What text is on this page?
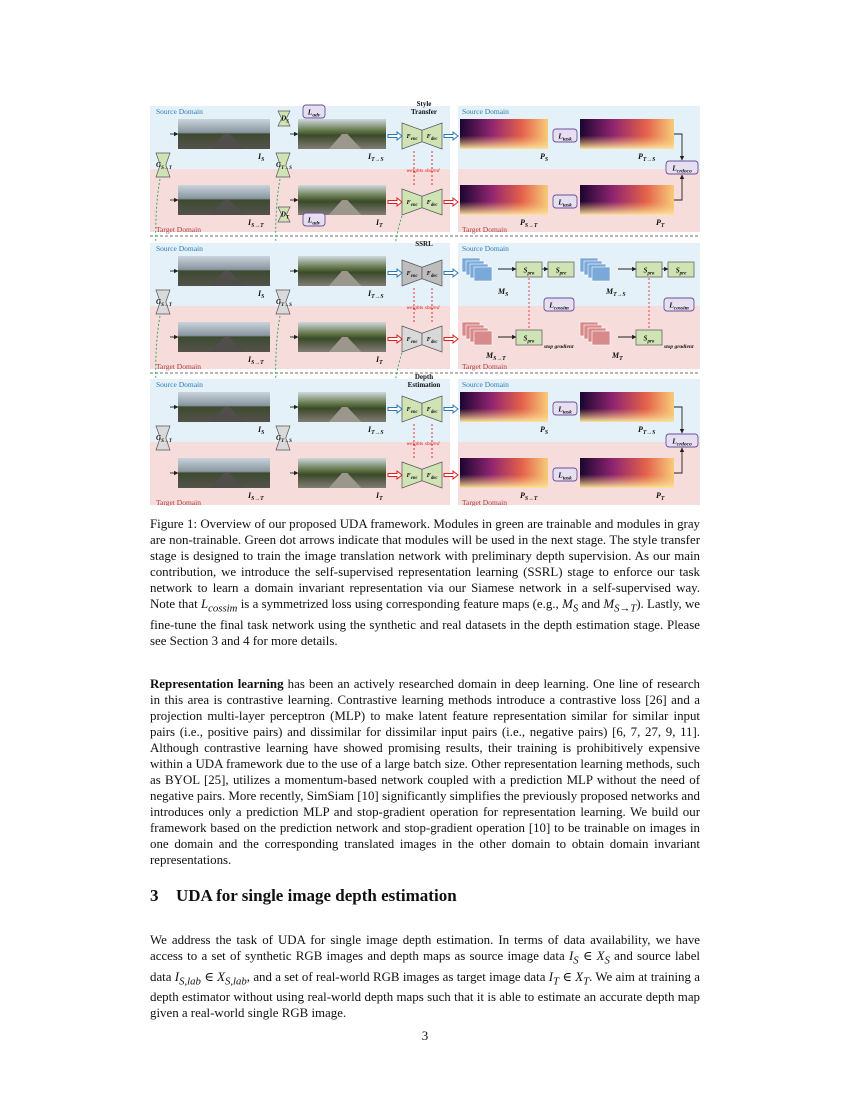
Source Domain
Target Domain
Source Domain
Target Domain
Style
Transfer
$I_S$	$I_{T\to S}$
$I_{S\to T}$	$I_T$
$G_{S\to T}$	$G_{T\to S}$
$D_S$
$D_T$
$L_{adv}$
$L_{adv}$
$F_{enc}$ $F_{dec}$
$F_{enc}$ $F_{dec}$
weights shared
$L_{task}$
$L_{task}$
$L_{crdoco}$
$P_S$	$P_{T\to S}$
$P_{S\to T}$	$P_T$
Source Domain
Target Domain
Source Domain
Target Domain
SSRL
$I_S$	$I_{T\to S}$
$I_{S\to T}$	$I_T$
$G_{S\to T}$	$G_{T\to S}$
$F_{enc}$ $F_{dec}$
$F_{enc}$ $F_{dec}$
weights shared
$S_{pro}$	$S_{pre}$	$S_{pro}$	$S_{pre}$
$S_{pro}$	$S_{pro}$
$L_{cossim}$	$L_{cossim}$
$M_S$	$M_{T\to S}$
$M_{S\to T}$	$M_T$
stop gradient	stop gradient
Source Domain
Target Domain
Source Domain
Target Domain
Depth
Estimation
$I_S$	$I_{T\to S}$
$I_{S\to T}$	$I_T$
$G_{S\to T}$	$G_{T\to S}$
$F_{enc}$ $F_{dec}$
$F_{enc}$ $F_{dec}$
weights shared
$L_{task}$
$L_{task}$
$L_{crdoco}$
$P_S$	$P_{T\to S}$
$P_{S\to T}$	$P_T$

Figure 1: Overview of our proposed UDA framework. Modules in green are trainable and modules in gray are non-trainable. Green dot arrows indicate that modules will be used in the next stage. The style transfer stage is designed to train the image translation network with preliminary depth supervision. As our main contribution, we introduce the self-supervised representation learning (SSRL) stage to enforce our task network to learn a domain invariant representation via our Siamese network in a self-supervised way. Note that $L_{cossim}$ is a symmetrized loss using corresponding feature maps (e.g., $M_S$ and $M_{S\to T}$). Lastly, we fine-tune the final task network using the synthetic and real datasets in the depth estimation stage. Please see Section 3 and 4 for more details.

Representation learning has been an actively researched domain in deep learning. One line of research in this area is contrastive learning. Contrastive learning methods introduce a contrastive loss [26] and a projection multi-layer perceptron (MLP) to make latent feature representation similar for similar input pairs (i.e., positive pairs) and dissimilar for dissimilar input pairs (i.e., negative pairs) [6, 7, 27, 9, 11]. Although contrastive learning have showed promising results, their training is prohibitively expensive within a UDA framework due to the use of a large batch size. Other representation learning methods, such as BYOL [25], utilizes a momentum-based network coupled with a prediction MLP without the need of negative pairs. More recently, SimSiam [10] significantly simplifies the previously proposed networks and introduces only a prediction MLP and stop-gradient operation for representation learning. We build our framework based on the prediction network and stop-gradient operation [10] to be trainable on images in one domain and the corresponding translated images in the other domain to obtain domain invariant representations.

3 UDA for single image depth estimation

We address the task of UDA for single image depth estimation. In terms of data availability, we have access to a set of synthetic RGB images and depth maps as source image data $I_S$ ∈ $X_S$ and source label data $I_{S,lab}$ ∈ $X_{S,lab}$, and a set of real-world RGB images as target image data $I_T$ ∈ $X_T$. We aim at training a depth estimator without using real-world depth maps such that it is able to estimate an accurate depth map given a real-world single RGB image.

3
